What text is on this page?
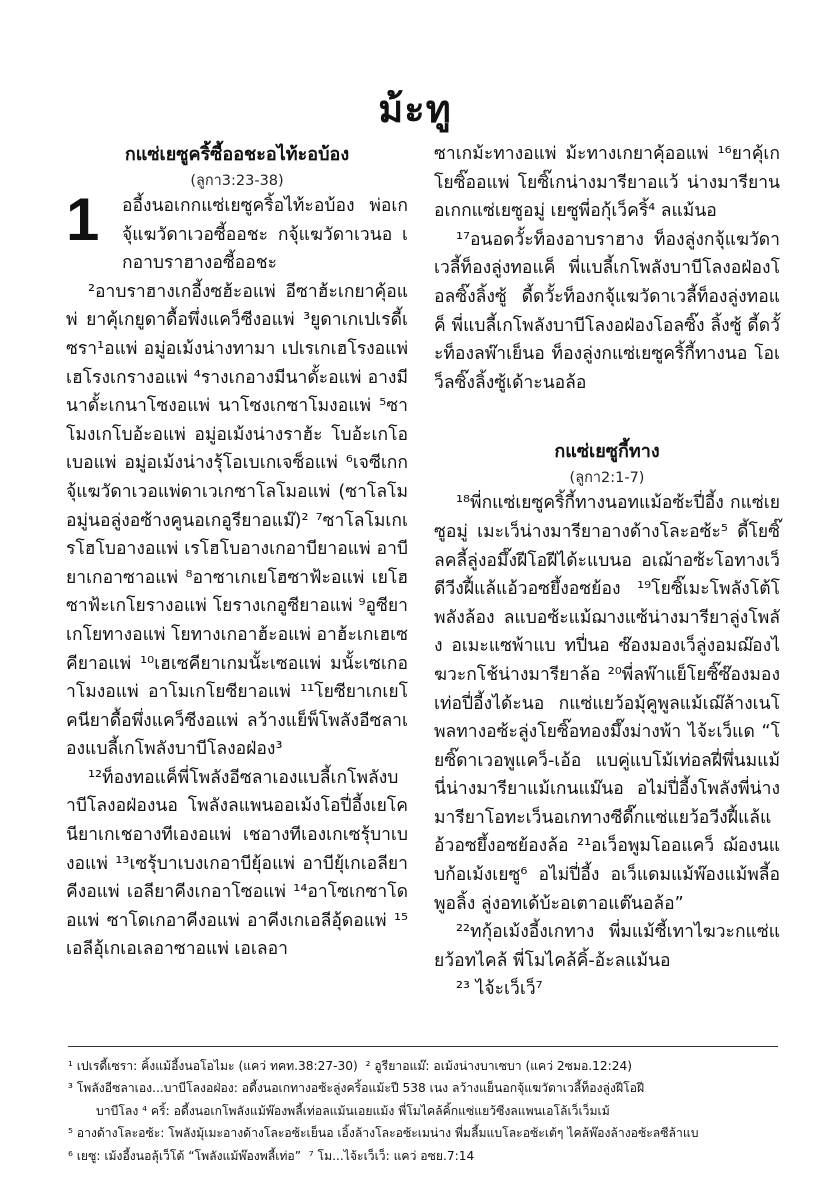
ม้ะทู

กแซ่เยซูคริ้ซี้ออชะอไท้ะอบ้อง

(ลูกา3:23-38)

1 ออี้งนอเกกแซ่เยซูคริ้อไท้ะอบ้อง พ่อเกจุ้แฆวัดาเวอซี้ออชะ กจุ้แฆวัดาเวนอ เกอาบราฮางอซี้ออชะ

²อาบราฮางเกอี้งซฮ้ะอแพ่ อีซาฮ้ะเกยาคุ้อแพ่ ยาคุ้เกยูดาดื้อพึ่งแคว็ซีงอแพ่ ³ยูดาเกเปเรดี้เซรา¹อแพ่ อมู่อเม้งน่างทามา เปเรเกเฮโรงอแพ่ เฮโรงเกรางอแพ่ ⁴รางเกอางมีนาดั้ะอแพ่ อางมีนาดั้ะเกนาโซงอแพ่ นาโซงเกซาโมงอแพ่ ⁵ซาโมงเกโบอ้ะอแพ่ อมู่อเม้งน่างราฮ้ะ โบอ้ะเกโอเบอแพ่ อมู่อเม้งน่างรุ้โอเบเกเจซ็อแพ่ ⁶เจซีเกกจุ้แฆวัดาเวอแพ่ดาเวเกซาโลโมอแพ่ (ซาโลโมอมู่นอลู่งอซ้างคูนอเกอูรียาอแม๊)² ⁷ซาโลโมเกเรโฮโบอางอแพ่ เรโฮโบอางเกอาบียาอแพ่ อาบียาเกอาซาอแพ่ ⁸อาซาเกเยโฮซาฟ้ะอแพ่ เยโฮซาฟ้ะเกโยรางอแพ่ โยรางเกอูซียาอแพ่ ⁹อูซียาเกโยทางอแพ่ โยทางเกอาฮ้ะอแพ่ อาฮ้ะเกเฮเซคียาอแพ่ ¹⁰เฮเซคียาเกมนั้ะเซอแพ่ มนั้ะเซเกอาโมงอแพ่ อาโมเกโยซียาอแพ่ ¹¹โยซียาเกเยโคนียาดื้อพึ่งแคว็ซีงอแพ่ ลว้างแย็พ็โพลังอีซลาเองแบลี้เกโพลังบาบีโลงอฝ่อง³

¹²ท็องทอแค็พี่โพลังอีซลาเองแบลี้เกโพลังบาบีโลงอฝ่องนอ โพลังลแพนออเม้งโอปี่อี้งเยโคนียาเกเชอางทีเองอแพ่ เชอางทีเองเกเซรุ้บาเบงอแพ่ ¹³เซรุ้บาเบงเกอาบียุ้อแพ่ อาบียุ้เกเอลียาคีงอแพ่ เอลียาคีงเกอาโซอแพ่ ¹⁴อาโซเกซาโดอแพ่ ซาโดเกอาคีงอแพ่ อาคีงเกเอลีอุ้ดอแพ่ ¹⁵เอลีอุ้เกเอเลอาซาอแพ่ เอเลอา

ซาเกม้ะทางอแพ่ ม้ะทางเกยาคุ้ออแพ่ ¹⁶ยาคุ้เกโยซิ๊ออแพ่ โยซิ๊เกน่างมารียาอแว้ น่างมารียานอเกกแซ่เยซูอมู่ เยซูพี่อกุ้เว็คริ้⁴ ลแม้นอ

¹⁷อนอดวั้ะท็องอาบราฮาง ท็องลู่งกจุ้แฆวัดาเวลี้ท็องลู่งทอแค็ พี่แบลี้เกโพลังบาบีโลงอฝ่องโอลซิ๊งลิ้งซู้ ดี้ดวั้ะท็องกจุ้แฆวัดาเวลี้ท็องลู่งทอแค็ พี่แบลี้เกโพลังบาบีโลงอฝ่องโอลซิ๊ง ลิ้งซู้ ดี้ดวั้ะท็องลพ๊าเย็นอ ท็องลู่งกแซ่เยซูคริ้กี้ทางนอ โอเว็ลซิ๊งลิ้งซู้เด้าะนอล้อ

กแซ่เยซูกี้ทาง

(ลูกา2:1-7)

¹⁸พี่กแซ่เยซูคริ้กี้ทางนอทแม้อซ้ะปี่อี้ง กแซ่เยซูอมู่ เมะเว็น่างมารียาอางด้างโละอซ้ะ⁵ ดี้โยซิ๊ ลคลี้ลู่งอมึ๊งฝีโอฝีได้ะแบนอ อเฌ้าอซ้ะโอทางเว็ดีวีงฝี้แล้แอ้วอซยึ้งอซย้อง ¹⁹โยซิ๊เมะโพลังโต้โพลังล้อง ลแบอซ้ะแม้ฌางแซ้น่างมารียาลู่งโพลัง อเมะแซพ้าแบ ทปี่นอ ซ๊องมองเว็ลู่งอมฌ๊องไฆวะกโช้น่างมารียาล้อ ²⁰พี่ลพ๊าแย็โยซิ๊ซ๊องมองเท่อปี่อี้งได้ะนอ กแซ่แยว้อมุ้คูพูลแม้เฌ๊ล้างเนโพลทางอซ้ะลู่งโยซิ๊อทองมึ๊งม่างพ้า ไจ้ะเว็แด “โยซิ๊ดาเวอพูแคว็-เอ้อ แบคู่แบโม้เท่อลฝี่พึ่นมแม้นี่น่างมารียาแม้เกนแม๊นอ อไม่ปี่อี้งโพลังพี่น่างมารียาโอทะเว็นอเกทางซีดี๊กแซ่แยว้อวีงฝี้แล้แอ้วอซยึ้งอซย้องล้อ ²¹อเว็อพูมโออแคว็ ฌ้องนแบก้อเม้งเยซู⁶ อไม่ปี่อี้ง อเว็แดมแม้พ๊องแม้พลี้อพูอลิ้ง ลู่งอทเด้บ้ะอเตาอแต๊นอล้อ”

²²ทกุ้อเม้งอี้งเกทาง พี่มแม้ซี้เทาไฆวะกแซ่แยว้อทไคล้ พี่โมไคล้คิ้-อ้ะลแม้นอ

²³ ไจ้ะเว็เว็⁷

¹ เปเรดี้เซรา: คิ้งแม้อี้งนอโอไมะ (แคว่ ทคท.38:27-30) ² อูรียาอแม๊: อเม้งน่างบาเซบา (แคว่ 2ซมอ.12:24)

³ โพลังอีซลาเอง...บาบีโลงอฝ่อง: อดี้งนอเกทางอซ้ะลู่งคริ้อแม้ะปี 538 เนง ลว้างแย็นอกจุ้แฆวัดาเวลี้ท็องลู่งฝีโอฝี

บาบีโลง ⁴ คริ้: อดี้งนอเกโพลังแม้พ๊องพลี้เท่อลแม้นเอยแม้ง พี่โมไคล้คิ้กแซ่แยว้ซีงลแพนเอโล้เว็เว็มเม้

⁵ อางด้างโละอซ้ะ: โพลังมุ้เมะอางด้างโละอซ้ะเย็นอ เอิ้งล้างโละอซ้ะเมน่าง พี่มลี้มแบโละอซ้ะเต้ๆ ไคล้พ๊องล้างอซ้ะลซีล้าแบ

⁶ เยซู: เม้งอี้งนอลุ้เว็โต้ “โพลังแม้พ๊องพลี้เท่อ” ⁷ โม...ไจ้ะเว็เว็: แคว่ อซย.7:14
